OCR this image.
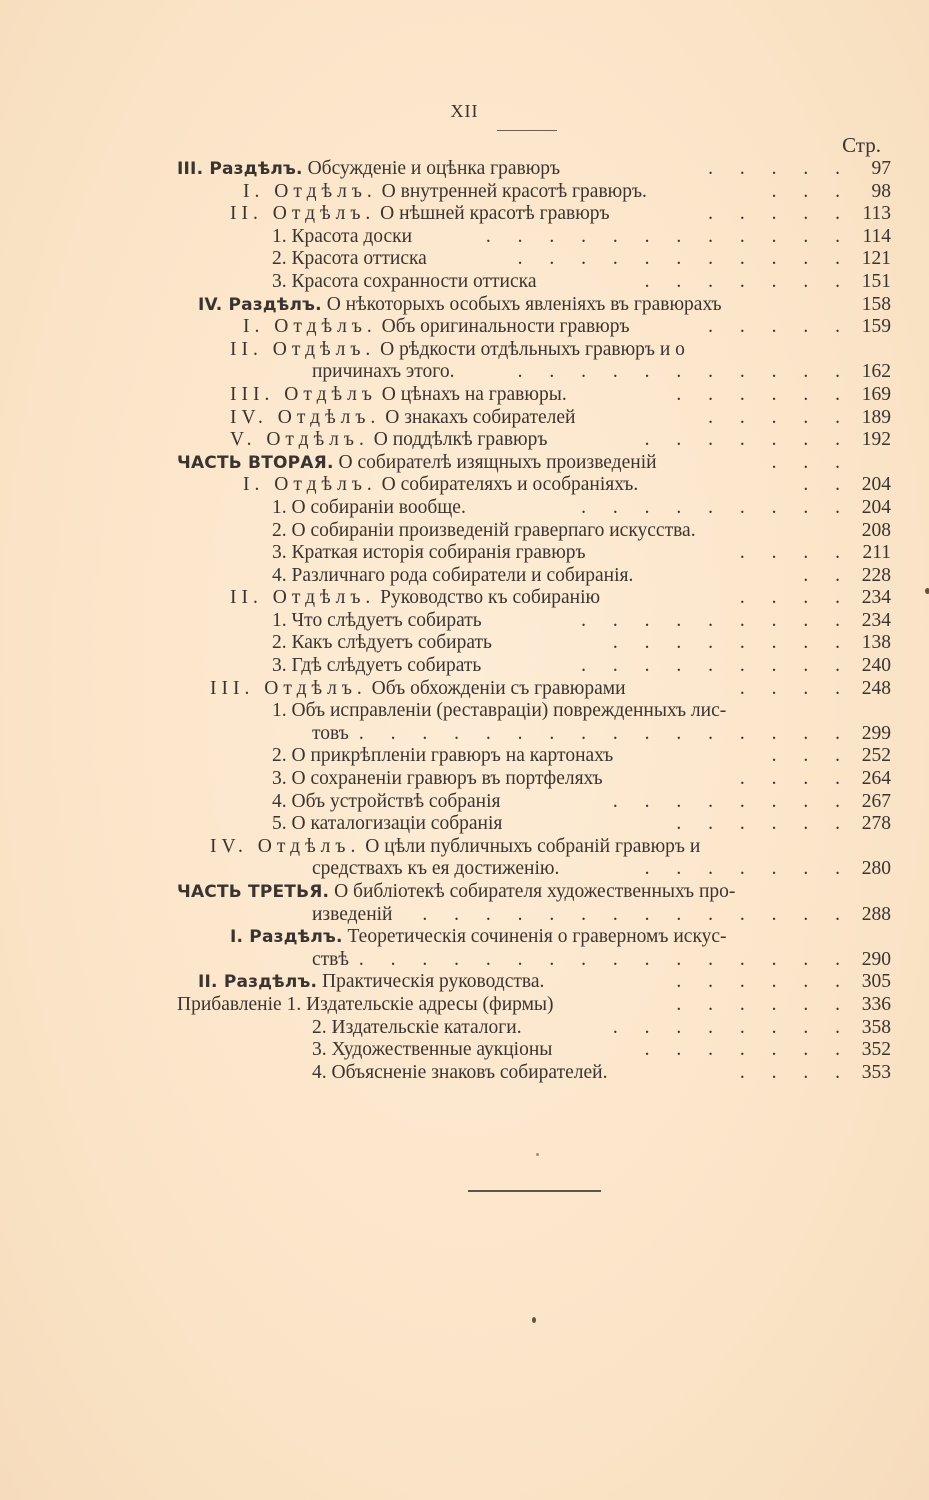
XII
Стр.
III. Раздѣлъ. Обсужденіе и оцѣнка гравюръ	. . . . . 97
I. Отдѣлъ. О внутренней красотѣ гравюръ.	. . . 98
II. Отдѣлъ. О нѣшней красотѣ гравюръ	. . . . . 113
1. Красота доски	. . . . . . . . . . . . 114
2. Красота оттиска	. . . . . . . . . . . 121
3. Красота сохранности оттиска	. . . . . . . 151
IV. Раздѣлъ. О нѣкоторыхъ особыхъ явленіяхъ въ гравюрахъ	158
I. Отдѣлъ. Объ оригинальности гравюръ	. . . . . 159
II. Отдѣлъ. О рѣдкости отдѣльныхъ гравюръ и о
причинахъ этого.	. . . . . . . . . . . 162
III. Отдѣлъ О цѣнахъ на гравюры.	. . . . . . 169
IV. Отдѣлъ. О знакахъ собирателей	. . . . . 189
V. Отдѣлъ. О поддѣлкѣ гравюръ	. . . . . . . 192
ЧАСТЬ ВТОРАЯ. О собирателѣ изящныхъ произведеній	. . .
I. Отдѣлъ. О собирателяхъ и особраніяхъ.	. . 204
1. О собираніи вообще.	. . . . . . . . . 204
2. О собираніи произведеній граверпаго искусства.	208
3. Краткая исторія собиранія гравюръ	. . . . 211
4. Различнаго рода собиратели и собиранія.	. . 228
II. Отдѣлъ. Руководство къ собиранію	. . . . 234
1. Что слѣдуетъ собирать	. . . . . . . . . 234
2. Какъ слѣдуетъ собирать	. . . . . . . . 138
3. Гдѣ слѣдуетъ собирать	. . . . . . . . . 240
III. Отдѣлъ. Объ обхожденіи съ гравюрами	. . . . 248
1. Объ исправленіи (реставраціи) поврежденныхъ лис-
товъ . . . . . . . . . . . . . . . . 299
2. О прикрѣпленіи гравюръ на картонахъ	. . . 252
3. О сохраненіи гравюръ въ портфеляхъ	. . . . 264
4. Объ устройствѣ собранія	. . . . . . . . 267
5. О каталогизаціи собранія	. . . . . . 278
IV. Отдѣлъ. О цѣли публичныхъ собраній гравюръ и
средствахъ къ ея достиженію.	. . . . . . . 280
ЧАСТЬ ТРЕТЬЯ. О библіотекѣ собирателя художественныхъ про-
изведеній . . . . . . . . . . . . . . 288
I. Раздѣлъ. Теоретическія сочиненія о граверномъ искус-
ствѣ . . . . . . . . . . . . . . . . 290
II. Раздѣлъ. Практическія руководства.	. . . . . . 305
Прибавленіе 1. Издательскіе адресы (фирмы)	. . . . . . 336
2. Издательскіе каталоги.	. . . . . . . . 358
3. Художественные аукціоны	. . . . . . . 352
4. Объясненіе знаковъ собирателей.	. . . . 353
